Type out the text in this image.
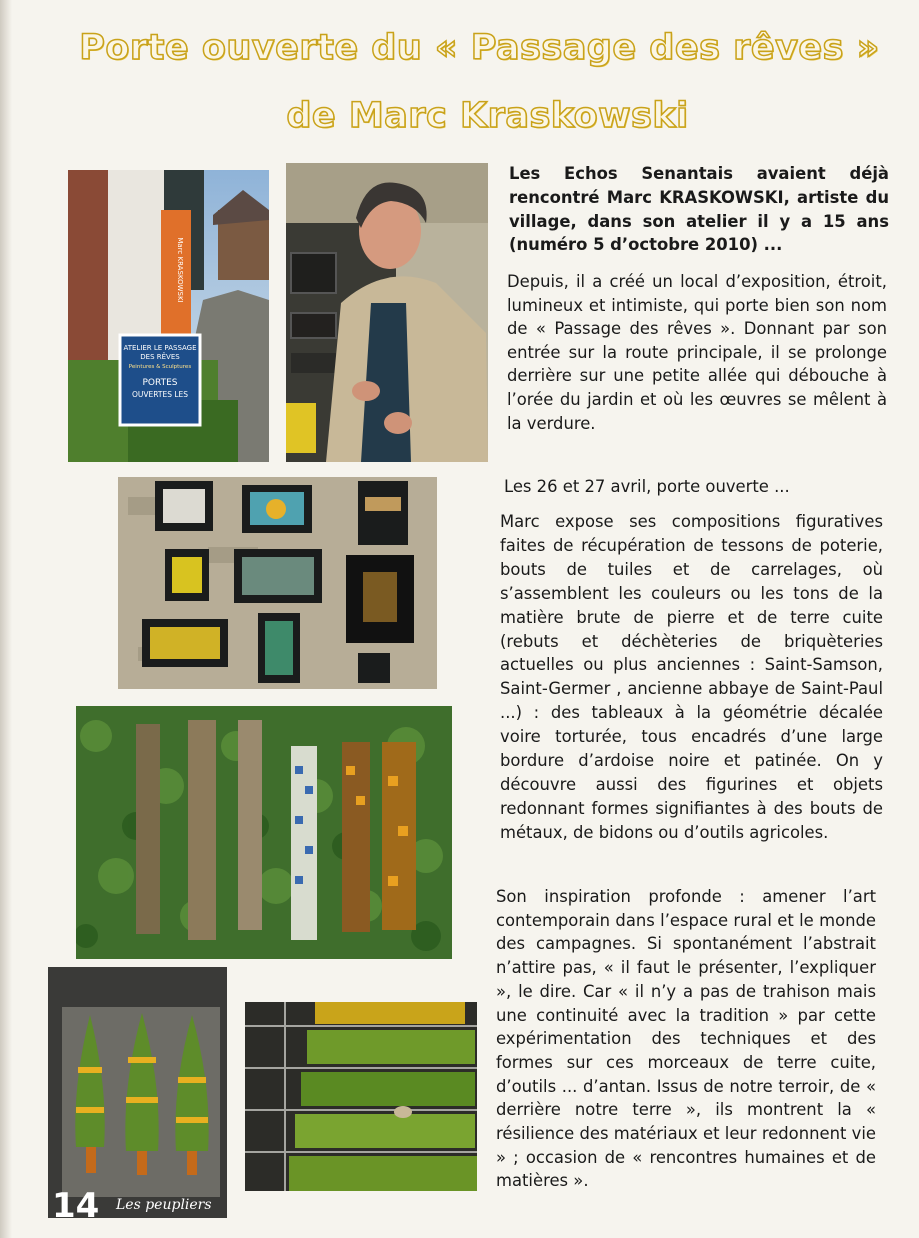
Porte ouverte du « Passage des rêves »
de Marc Kraskowski
ATELIER LE PASSAGE
DES RÊVES
Peintures & Sculptures
PORTES
OUVERTES LES
Marc KRASKOWSKI
14 Les peupliers
Les Echos Senantais avaient déjà rencontré Marc KRASKOWSKI, artiste du village, dans son atelier il y a 15 ans (numéro 5 d’octobre 2010) ...
Depuis, il a créé un local d’exposition, étroit, lumineux et intimiste, qui porte bien son nom de « Passage des rêves ». Donnant par son entrée sur la route principale, il se prolonge derrière sur une petite allée qui débouche à l’orée du jardin et où les œuvres se mêlent à la verdure.
Les 26 et 27 avril, porte ouverte ...
Marc expose ses compositions figuratives faites de récupération de tessons de poterie, bouts de tuiles et de carrelages, où s’assemblent les couleurs ou les tons de la matière brute de pierre et de terre cuite (rebuts et déchèteries de briquèteries actuelles ou plus anciennes : Saint-Samson, Saint-Germer , ancienne abbaye de Saint-Paul ...) : des tableaux à la géométrie décalée voire torturée, tous encadrés d’une large bordure d’ardoise noire et patinée. On y découvre aussi des figurines et objets redonnant formes signifiantes à des bouts de métaux, de bidons ou d’outils agricoles.
Son inspiration profonde : amener l’art contemporain dans l’espace rural et le monde des campagnes. Si spontanément l’abstrait n’attire pas, « il faut le présenter, l’expliquer », le dire. Car « il n’y a pas de trahison mais une continuité avec la tradition » par cette expérimentation des techniques et des formes sur ces morceaux de terre cuite, d’outils ... d’antan. Issus de notre terroir, de « derrière notre terre », ils montrent la « résilience des matériaux et leur redonnent vie » ; occasion de « rencontres humaines et de matières ».
